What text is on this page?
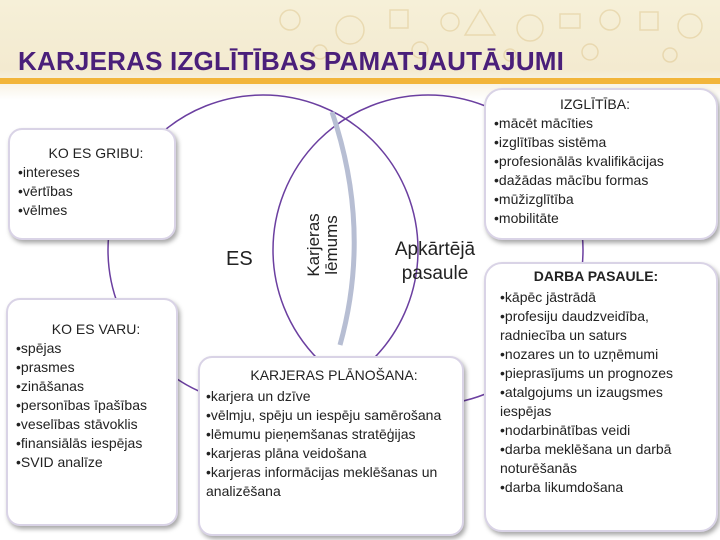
KARJERAS IZGLĪTĪBAS PAMATJAUTĀJUMI
ES	Apkārtējā
pasaule
Karjeras lēmums
KO ES GRIBU:
• intereses
• vērtības
• vēlmes
KO ES VARU:
• spējas
• prasmes
• zināšanas
• personības īpašības
• veselības stāvoklis
• finansiālās iespējas
• SVID analīze
IZGLĪTĪBA:
• mācēt mācīties
• izglītības sistēma
• profesionālās kvalifikācijas
• dažādas mācību formas
• mūžizglītība
• mobilitāte
DARBA PASAULE:
• kāpēc jāstrādā
• profesiju daudzveidība, radniecība un saturs
• nozares un to uzņēmumi
• pieprasījums un prognozes
• atalgojums un izaugsmes iespējas
• nodarbinātības veidi
• darba meklēšana un darbā noturēšanās
• darba likumdošana
KARJERAS PLĀNOŠANA:
• karjera un dzīve
• vēlmju, spēju un iespēju samērošana
• lēmumu pieņemšanas stratēģijas
• karjeras plāna veidošana
• karjeras informācijas meklēšanas un analizēšana
